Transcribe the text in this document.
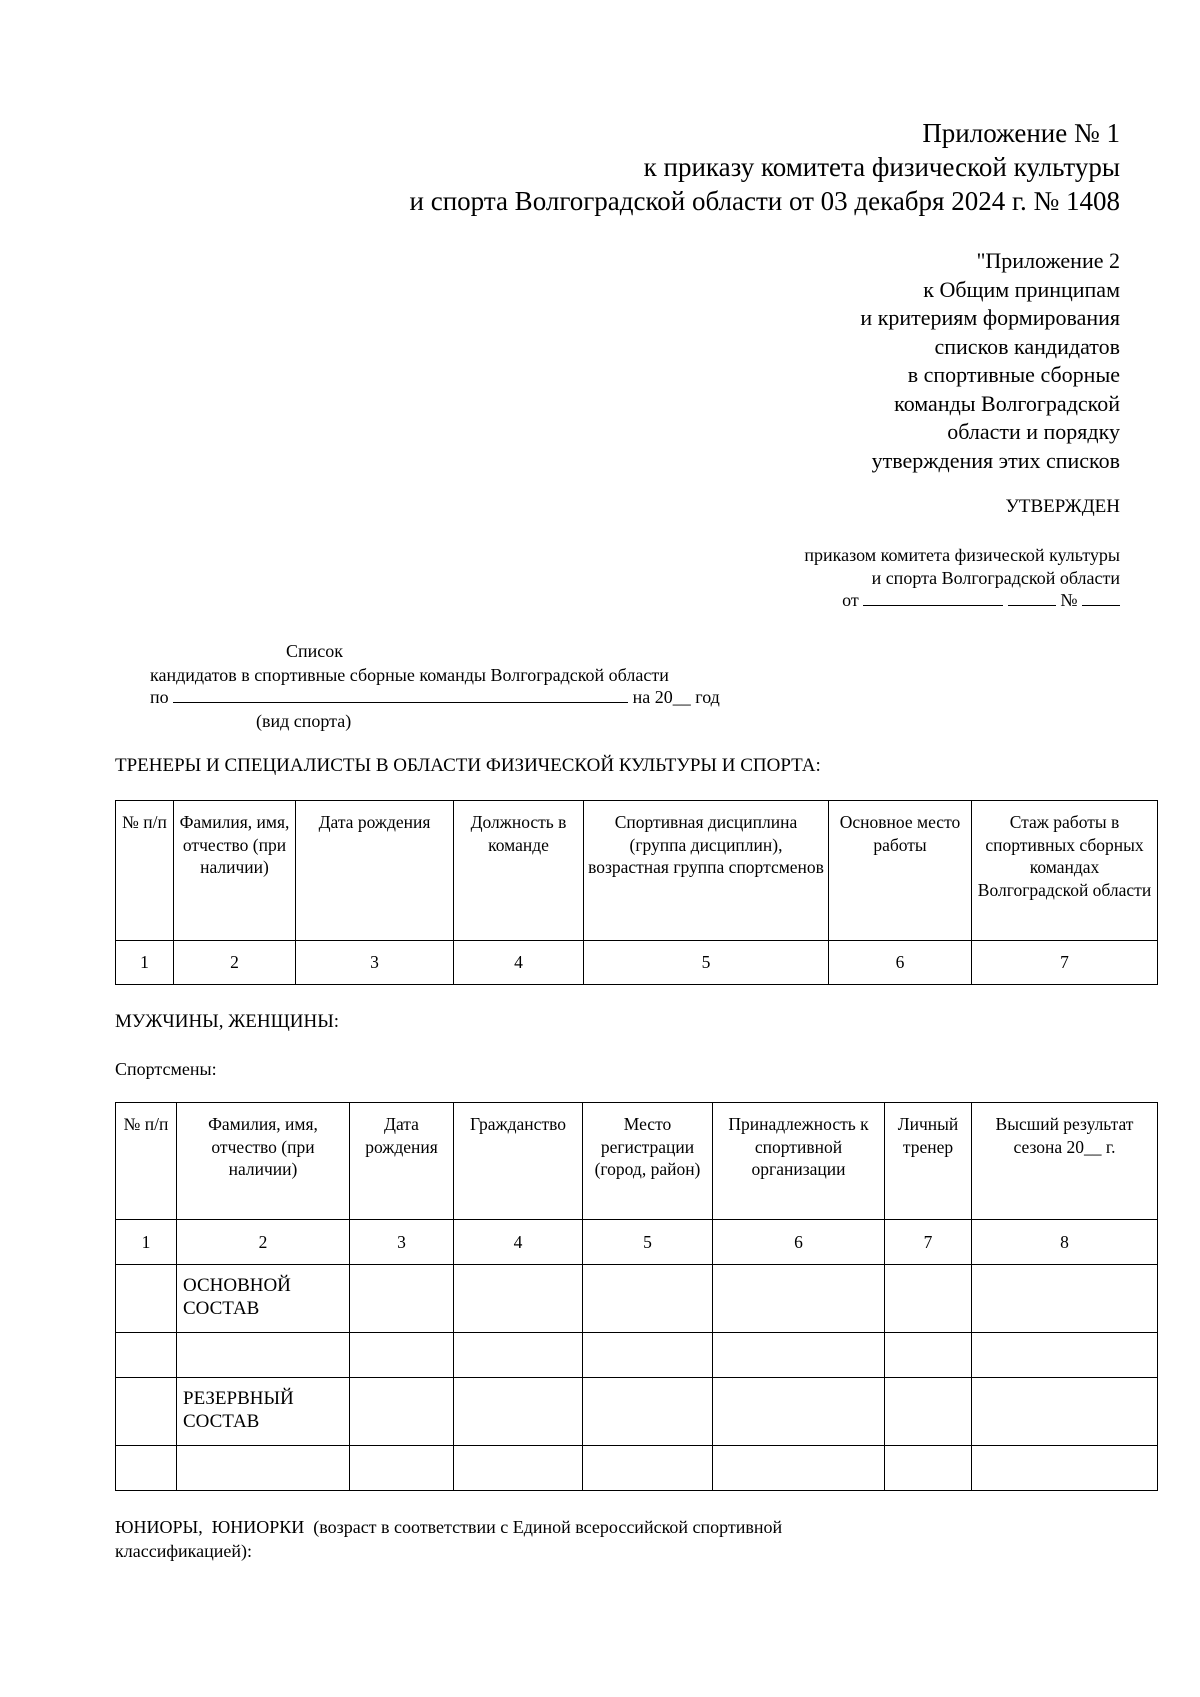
Приложение № 1
к приказу комитета физической культуры
и спорта Волгоградской области от 03 декабря 2024 г. № 1408
"Приложение 2
к Общим принципам
и критериям формирования
списков кандидатов
в спортивные сборные
команды Волгоградской
области и порядку
утверждения этих списков
УТВЕРЖДЕН
приказом комитета физической культуры
и спорта Волгоградской области
от	№
Список
кандидатов в спортивные сборные команды Волгоградской области
по	на 20__ год
(вид спорта)
ТРЕНЕРЫ И СПЕЦИАЛИСТЫ В ОБЛАСТИ ФИЗИЧЕСКОЙ КУЛЬТУРЫ И СПОРТА:
№ п/п	Фамилия, имя, отчество (при наличии)	Дата рождения	Должность в команде	Спортивная дисциплина (группа дисциплин), возрастная группа спортсменов	Основное место работы	Стаж работы в спортивных сборных командах Волгоградской области
1	2	3	4	5	6	7
МУЖЧИНЫ, ЖЕНЩИНЫ:
Спортсмены:
№ п/п	Фамилия, имя, отчество (при наличии)	Дата рождения	Гражданство	Место регистрации (город, район)	Принадлежность к спортивной организации	Личный тренер	Высший результат сезона 20__ г.
1	2	3	4	5	6	7	8
	ОСНОВНОЙ СОСТАВ						

	РЕЗЕРВНЫЙ СОСТАВ						

ЮНИОРЫ,  ЮНИОРКИ  (возраст в соответствии с Единой всероссийской спортивной
классификацией):
